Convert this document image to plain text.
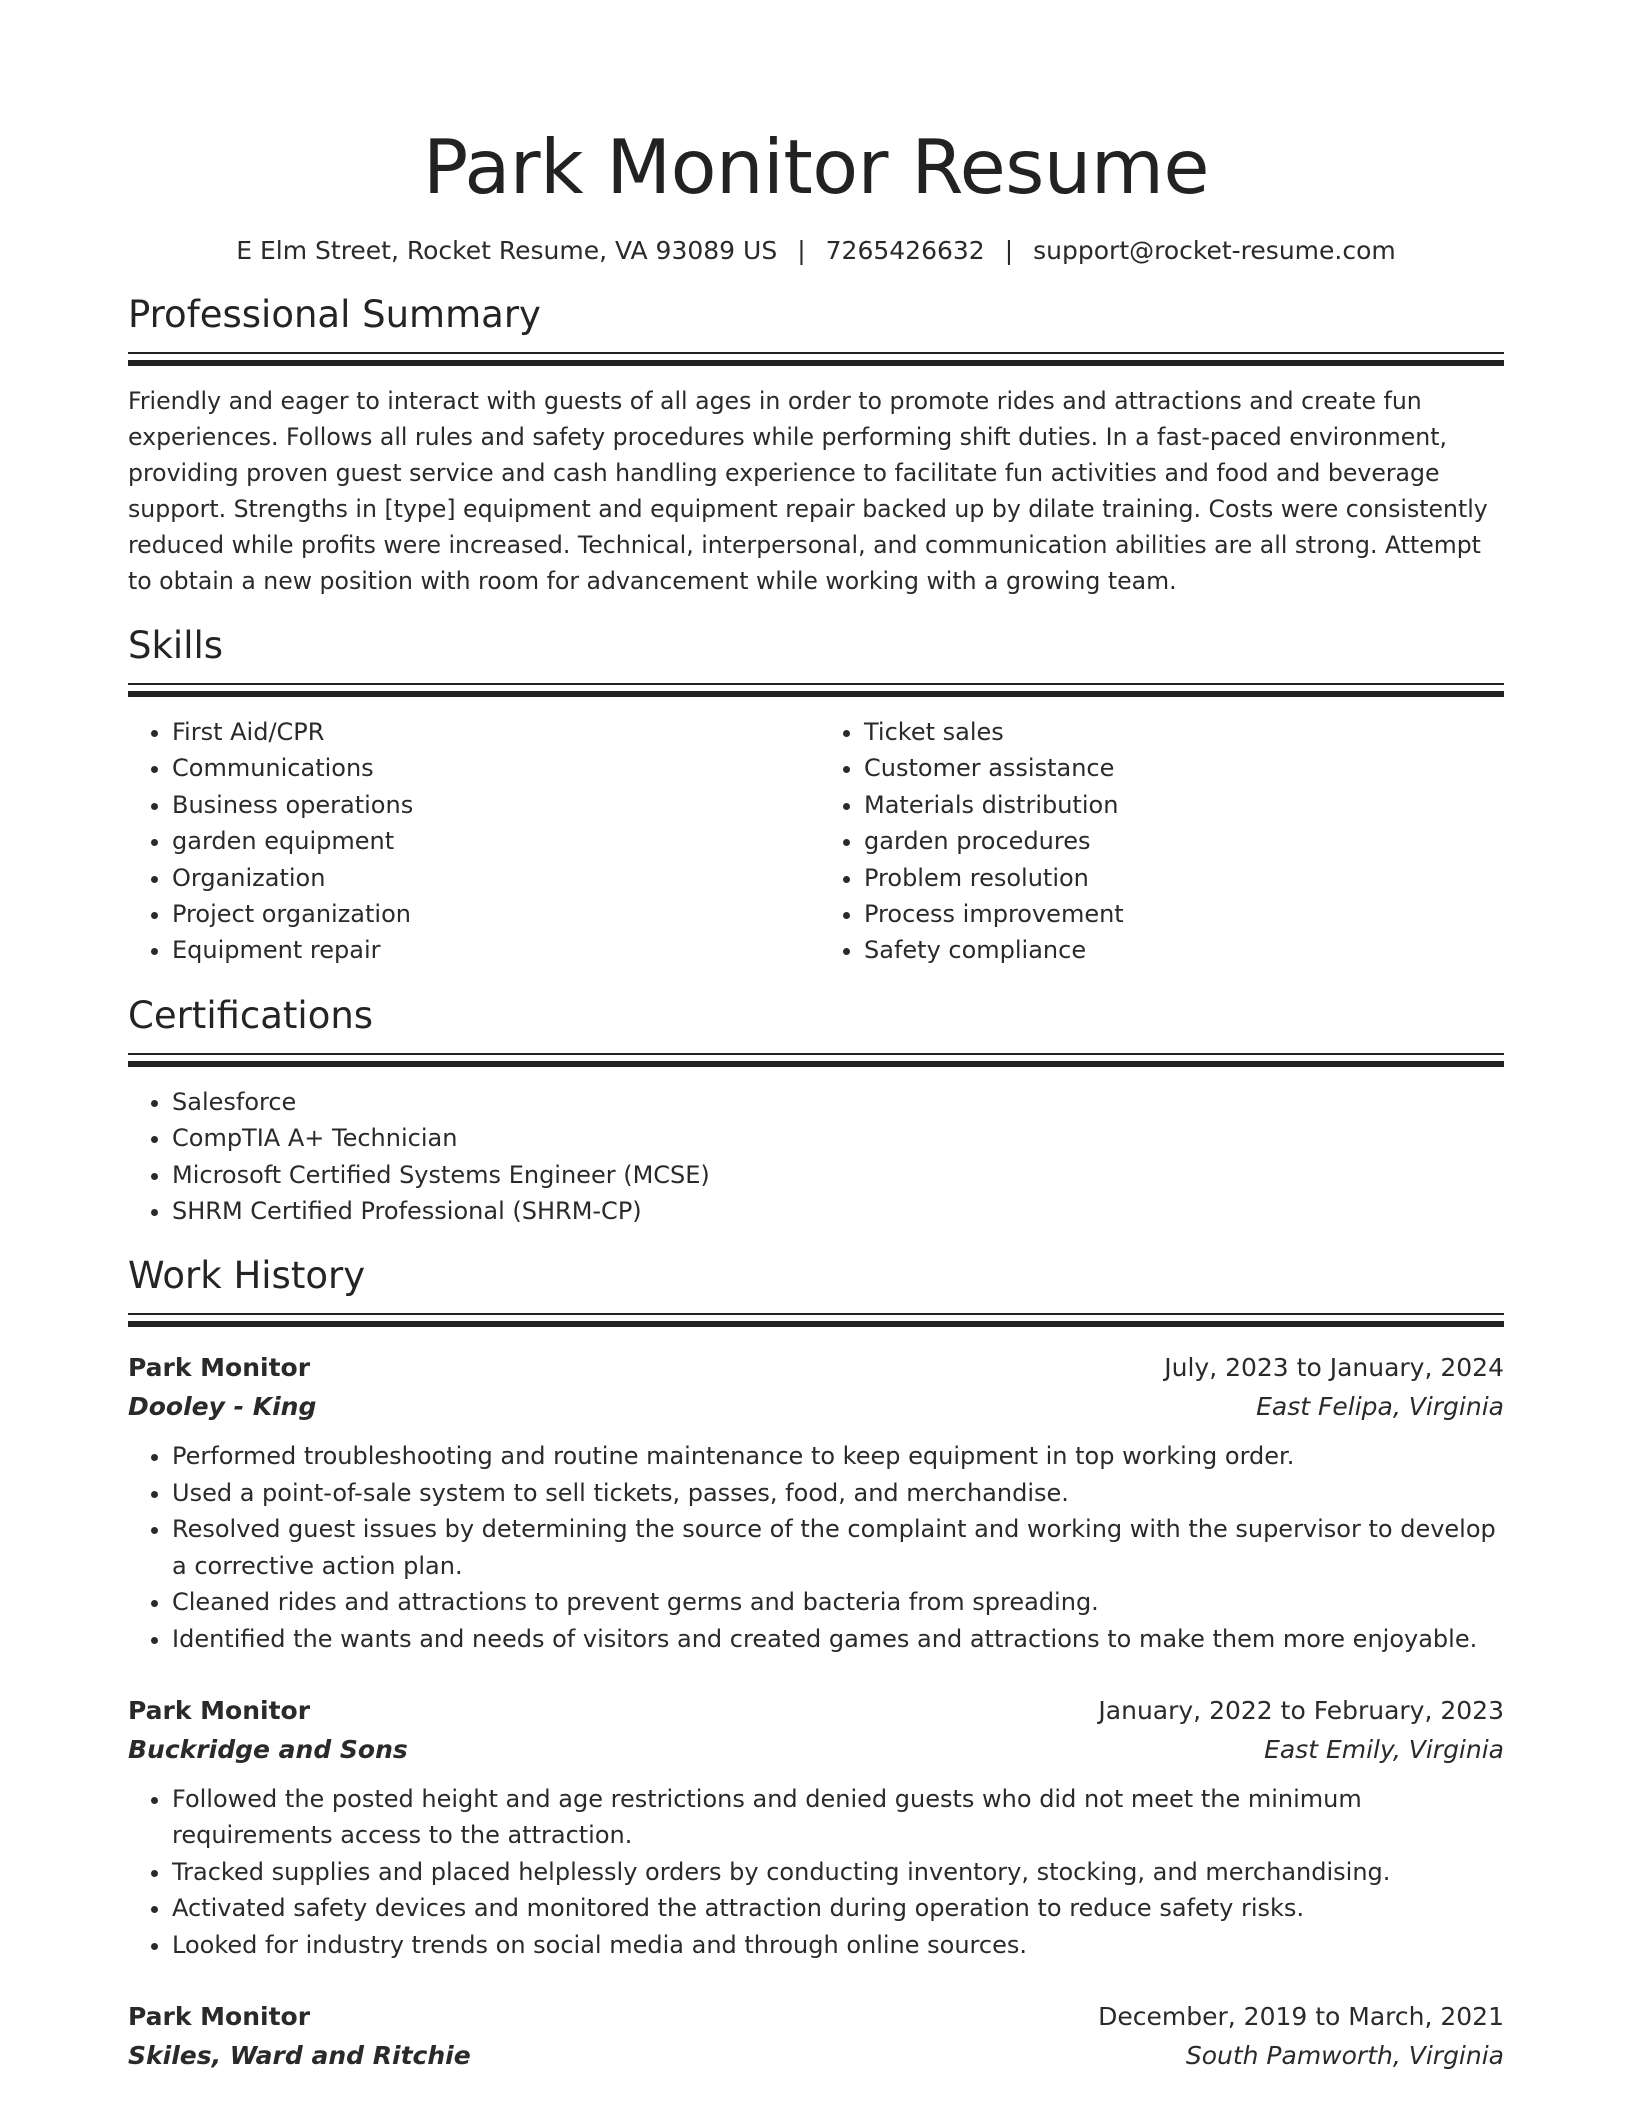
Park Monitor Resume
E Elm Street, Rocket Resume, VA 93089 US | 7265426632 | support@rocket-resume.com
Professional Summary

Friendly and eager to interact with guests of all ages in order to promote rides and attractions and create fun experiences. Follows all rules and safety procedures while performing shift duties. In a fast-paced environment, providing proven guest service and cash handling experience to facilitate fun activities and food and beverage support. Strengths in [type] equipment and equipment repair backed up by dilate training. Costs were consistently reduced while profits were increased. Technical, interpersonal, and communication abilities are all strong. Attempt to obtain a new position with room for advancement while working with a growing team.

Skills
• First Aid/CPR
• Communications
• Business operations
• garden equipment
• Organization
• Project organization
• Equipment repair
• Ticket sales
• Customer assistance
• Materials distribution
• garden procedures
• Problem resolution
• Process improvement
• Safety compliance
Certifications
• Salesforce
• CompTIA A+ Technician
• Microsoft Certified Systems Engineer (MCSE)
• SHRM Certified Professional (SHRM-CP)
Work History
Park Monitor	July, 2023 to January, 2024
Dooley - King	East Felipa, Virginia
• Performed troubleshooting and routine maintenance to keep equipment in top working order.
• Used a point-of-sale system to sell tickets, passes, food, and merchandise.
• Resolved guest issues by determining the source of the complaint and working with the supervisor to develop a corrective action plan.
• Cleaned rides and attractions to prevent germs and bacteria from spreading.
• Identified the wants and needs of visitors and created games and attractions to make them more enjoyable.
Park Monitor	January, 2022 to February, 2023
Buckridge and Sons	East Emily, Virginia
• Followed the posted height and age restrictions and denied guests who did not meet the minimum requirements access to the attraction.
• Tracked supplies and placed helplessly orders by conducting inventory, stocking, and merchandising.
• Activated safety devices and monitored the attraction during operation to reduce safety risks.
• Looked for industry trends on social media and through online sources.
Park Monitor	December, 2019 to March, 2021
Skiles, Ward and Ritchie	South Pamworth, Virginia
